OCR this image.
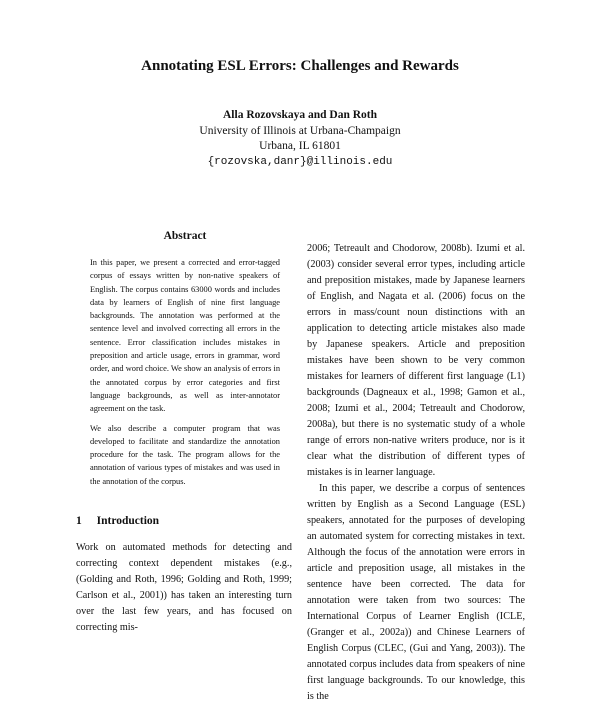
Annotating ESL Errors: Challenges and Rewards
Alla Rozovskaya and Dan Roth
University of Illinois at Urbana-Champaign
Urbana, IL 61801
{rozovska,danr}@illinois.edu
Abstract

In this paper, we present a corrected and error-tagged corpus of essays written by non-native speakers of English. The corpus contains 63000 words and includes data by learners of English of nine first language backgrounds. The annotation was performed at the sentence level and involved correcting all errors in the sentence. Error classification includes mistakes in preposition and article usage, errors in grammar, word order, and word choice. We show an analysis of errors in the annotated corpus by error categories and first language backgrounds, as well as inter-annotator agreement on the task.

We also describe a computer program that was developed to facilitate and standardize the annotation procedure for the task. The program allows for the annotation of various types of mistakes and was used in the annotation of the corpus.

1 Introduction

Work on automated methods for detecting and correcting context dependent mistakes (e.g., (Golding and Roth, 1996; Golding and Roth, 1999; Carlson et al., 2001)) has taken an interesting turn over the last few years, and has focused on correcting mis-

2006; Tetreault and Chodorow, 2008b). Izumi et al. (2003) consider several error types, including article and preposition mistakes, made by Japanese learners of English, and Nagata et al. (2006) focus on the errors in mass/count noun distinctions with an application to detecting article mistakes also made by Japanese speakers. Article and preposition mistakes have been shown to be very common mistakes for learners of different first language (L1) backgrounds (Dagneaux et al., 1998; Gamon et al., 2008; Izumi et al., 2004; Tetreault and Chodorow, 2008a), but there is no systematic study of a whole range of errors non-native writers produce, nor is it clear what the distribution of different types of mistakes is in learner language.

In this paper, we describe a corpus of sentences written by English as a Second Language (ESL) speakers, annotated for the purposes of developing an automated system for correcting mistakes in text. Although the focus of the annotation were errors in article and preposition usage, all mistakes in the sentence have been corrected. The data for annotation were taken from two sources: The International Corpus of Learner English (ICLE, (Granger et al., 2002a)) and Chinese Learners of English Corpus (CLEC, (Gui and Yang, 2003)). The annotated corpus includes data from speakers of nine first language backgrounds. To our knowledge, this is the
